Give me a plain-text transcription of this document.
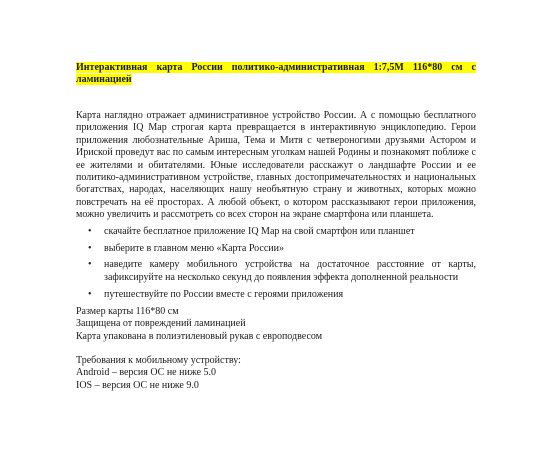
Интерактивная карта России политико-административная 1:7,5М 116*80 см с ламинацией

Карта наглядно отражает административное устройство России. А с помощью бесплатного приложения IQ Map строгая карта превращается в интерактивную энциклопедию. Герои приложения любознательные Ариша, Тема и Митя с четвероногими друзьями Астором и Ириской проведут вас по самым интересным уголкам нашей Родины и познакомят поближе с ее жителями и обитателями. Юные исследователи расскажут о ландшафте России и ее политико-административном устройстве, главных достопримечательностях и национальных богатствах, народах, населяющих нашу необъятную страну и животных, которых можно повстречать на её просторах. А любой объект, о котором рассказывают герои приложения, можно увеличить и рассмотреть со всех сторон на экране смартфона или планшета.

• скачайте бесплатное приложение IQ Map на свой смартфон или планшет
• выберите в главном меню «Карта России»
• наведите камеру мобильного устройства на достаточное расстояние от карты, зафиксируйте на несколько секунд до появления эффекта дополненной реальности
• путешествуйте по России вместе с героями приложения

Размер карты 116*80 см

Защищена от повреждений ламинацией

Карта упакована в полиэтиленовый рукав с европодвесом

Требования к мобильному устройству:

Android – версия ОС не ниже 5.0

IOS – версия ОС не ниже 9.0
